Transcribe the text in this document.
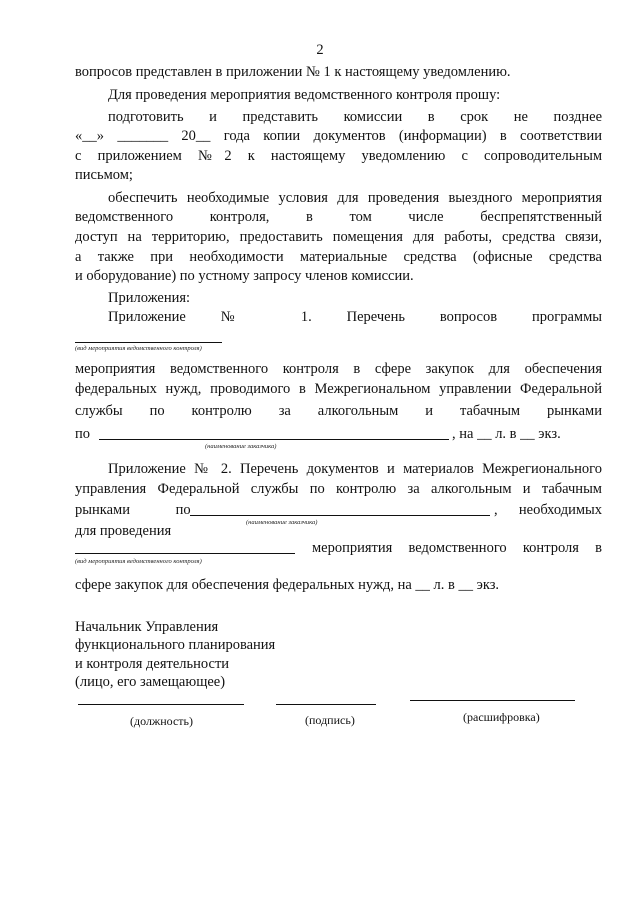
2
вопросов представлен в приложении № 1 к настоящему уведомлению.
Для проведения мероприятия ведомственного контроля прошу:
подготовить и представить комиссии в срок не позднее
«__» _______ 20__ года копии документов (информации) в соответствии
с приложением №2 к настоящему уведомлению с сопроводительным
письмом;
обеспечить необходимые условия для проведения выездного мероприятия
ведомственного контроля, в том числе беспрепятственный
доступ на территорию, предоставить помещения для работы, средства связи,
а также при необходимости материальные средства (офисные средства
и оборудование) по устному запросу членов комиссии.
Приложения:
Приложение № 1. Перечень вопросов программы
(вид мероприятия ведомственного контроля)
мероприятия ведомственного контроля в сфере закупок для обеспечения
федеральных нужд, проводимого в Межрегиональном управлении Федеральной
службы по контролю за алкогольным и табачным рынками
по	, на __ л. в __ экз.
(наименование заказчика)
Приложение № 2. Перечень документов и материалов Межрегионального
управления Федеральной службы по контролю за алкогольным и табачным
рынками по	, необходимых
(наименование заказчика)
для проведения
мероприятия ведомственного контроля в
(вид мероприятия ведомственного контроля)
сфере закупок для обеспечения федеральных нужд, на __ л. в __ экз.
Начальник Управления
функционального планирования
и контроля деятельности
(лицо, его замещающее)
(должность)	(подпись)	(расшифровка)
